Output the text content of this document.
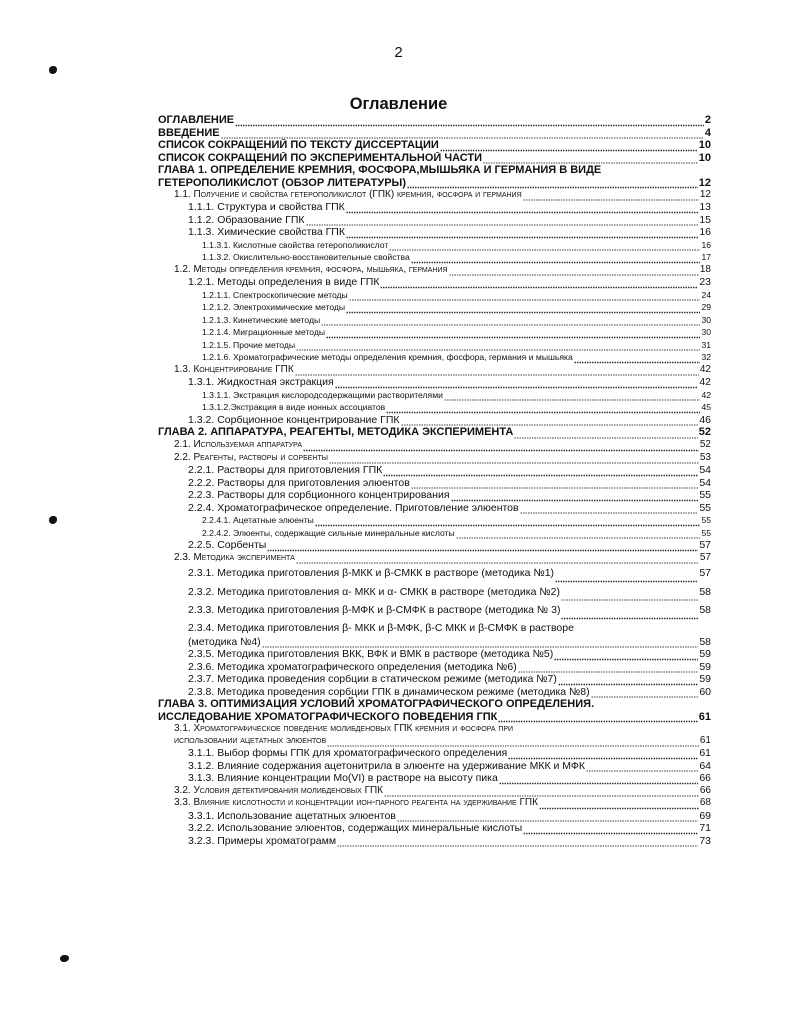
2
Оглавление
ОГЛАВЛЕНИЕ	2
ВВЕДЕНИЕ	4
СПИСОК СОКРАЩЕНИЙ ПО ТЕКСТУ ДИССЕРТАЦИИ	10
СПИСОК СОКРАЩЕНИЙ ПО ЭКСПЕРИМЕНТАЛЬНОЙ ЧАСТИ	10
ГЛАВА 1. ОПРЕДЕЛЕНИЕ КРЕМНИЯ, ФОСФОРА,МЫШЬЯКА И ГЕРМАНИЯ В ВИДЕ
ГЕТЕРОПОЛИКИСЛОТ (ОБЗОР ЛИТЕРАТУРЫ)	12
1.1. Получение и свойства гетерополикислот (ГПК) кремния, фосфора и германия	12
1.1.1. Структура и свойства ГПК	13
1.1.2. Образование ГПК	15
1.1.3. Химические свойства ГПК	16
1.1.3.1. Кислотные свойства гетерополикислот	16
1.1.3.2. Окислительно-восстановительные свойства	17
1.2. Методы определения кремния, фосфора, мышьяка, германия	18
1.2.1. Методы определения в виде ГПК	23
1.2.1.1. Спектроскопические методы	24
1.2.1.2. Электрохимические методы	29
1.2.1.3. Кинетические методы	30
1.2.1.4. Миграционные методы	30
1.2.1.5. Прочие методы	31
1.2.1.6. Хроматографические методы определения кремния, фосфора, германия и мышьяка	32
1.3. Концентрирование ГПК	42
1.3.1. Жидкостная экстракция	42
1.3.1.1. Экстракция кислородсодержащими растворителями	42
1.3.1.2.Экстракция в виде ионных ассоциатов	45
1.3.2. Сорбционное концентрирование ГПК	46
ГЛАВА 2. АППАРАТУРА, РЕАГЕНТЫ, МЕТОДИКА ЭКСПЕРИМЕНТА	52
2.1. Используемая аппаратура	52
2.2. Реагенты, растворы и сорбенты	53
2.2.1. Растворы для приготовления ГПК	54
2.2.2. Растворы для приготовления элюентов	54
2.2.3. Растворы для сорбционного концентрирования	55
2.2.4. Хроматографическое определение. Приготовление элюентов	55
2.2.4.1. Ацетатные элюенты	55
2.2.4.2. Элюенты, содержащие сильные минеральные кислоты	55
2.2.5. Сорбенты	57
2.3. Методика эксперимента	57
2.3.1. Методика приготовления β-МКК и β-СМКК в растворе (методика №1)	57
2.3.2. Методика приготовления α- МКК и α- СМКК в растворе (методика №2)	58
2.3.3. Методика приготовления β-МФК и β-СМФК в растворе (методика № 3)	58
2.3.4. Методика приготовления β- МКК и β-МФК, β-С МКК и β-СМФК в растворе
(методика №4)	58
2.3.5. Методика приготовления ВКК, ВФК и ВМК в растворе (методика №5)	59
2.3.6. Методика хроматографического определения (методика №6)	59
2.3.7. Методика проведения сорбции в статическом режиме (методика №7)	59
2.3.8. Методика проведения сорбции ГПК в динамическом режиме (методика №8)	60
ГЛАВА 3. ОПТИМИЗАЦИЯ УСЛОВИЙ ХРОМАТОГРАФИЧЕСКОГО ОПРЕДЕЛЕНИЯ.
ИССЛЕДОВАНИЕ ХРОМАТОГРАФИЧЕСКОГО ПОВЕДЕНИЯ ГПК	61
3.1. Хроматографическое поведение молибденовых ГПК кремния и фосфора при
использовании ацетатных элюентов	61
3.1.1. Выбор формы ГПК для хроматографического определения	61
3.1.2. Влияние содержания ацетонитрила в элюенте на удерживание МКК и МФК	64
3.1.3. Влияние концентрации Mo(VI) в растворе на высоту пика	66
3.2. Условия детектирования молибденовых ГПК	66
3.3. Влияние кислотности и концентрации ион-парного реагента на удерживание ГПК	68
3.3.1. Использование ацетатных элюентов	69
3.2.2. Использование элюентов, содержащих минеральные кислоты	71
3.2.3. Примеры хроматограмм	73
